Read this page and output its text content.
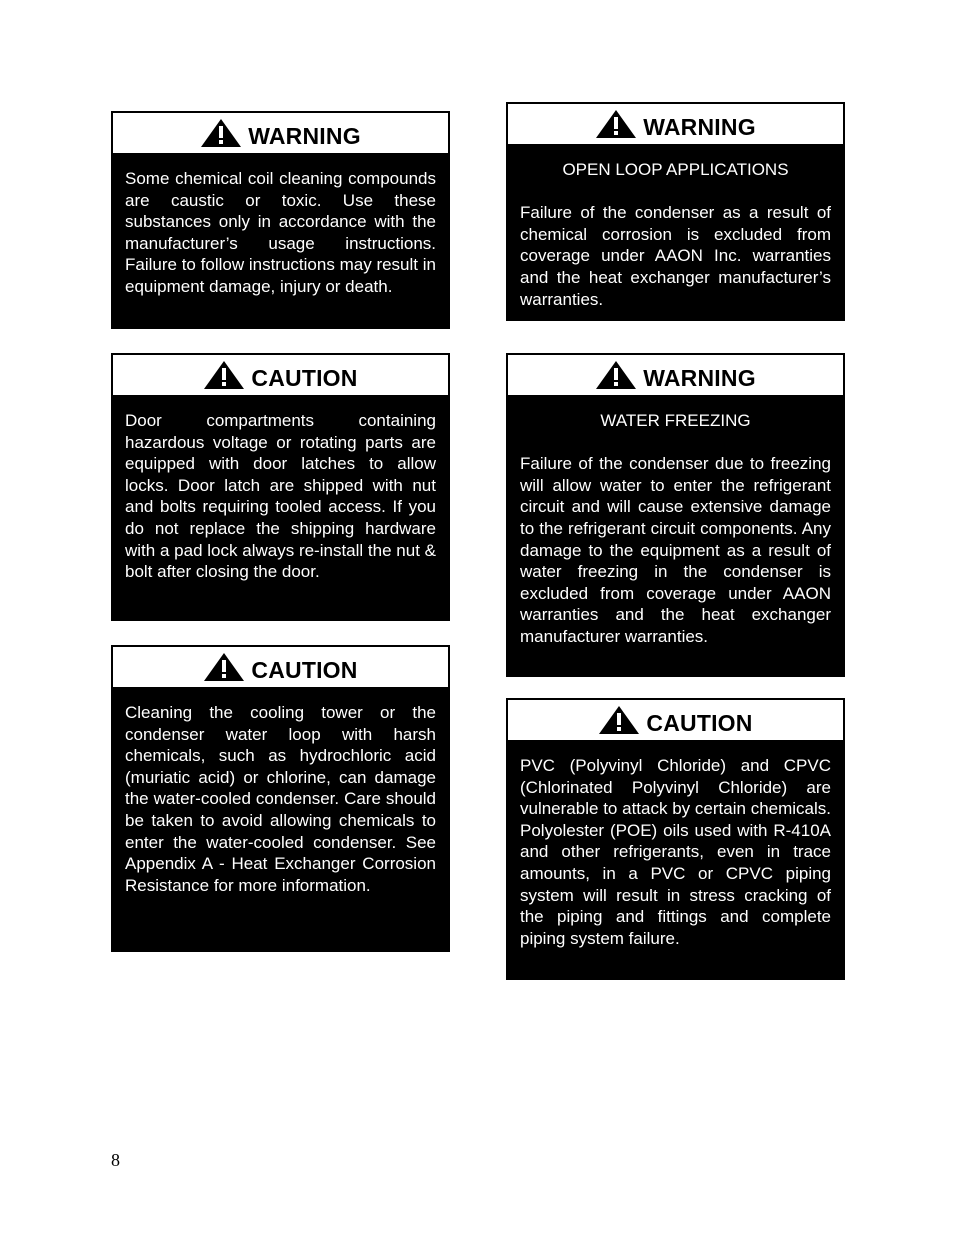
WARNING

Some chemical coil cleaning compounds are caustic or toxic. Use these substances only in accordance with the manufacturer’s usage instructions. Failure to follow instructions may result in equipment damage, injury or death.

CAUTION

Door compartments containing hazardous voltage or rotating parts are equipped with door latches to allow locks. Door latch are shipped with nut and bolts requiring tooled access. If you do not replace the shipping hardware with a pad lock always re-install the nut & bolt after closing the door.

CAUTION

Cleaning the cooling tower or the condenser water loop with harsh chemicals, such as hydrochloric acid (muriatic acid) or chlorine, can damage the water-cooled condenser. Care should be taken to avoid allowing chemicals to enter the water-cooled condenser. See Appendix A - Heat Exchanger Corrosion Resistance for more information.

WARNING

OPEN LOOP APPLICATIONS

Failure of the condenser as a result of chemical corrosion is excluded from coverage under AAON Inc. warranties and the heat exchanger manufacturer’s warranties.

WARNING

WATER FREEZING

Failure of the condenser due to freezing will allow water to enter the refrigerant circuit and will cause extensive damage to the refrigerant circuit components. Any damage to the equipment as a result of water freezing in the condenser is excluded from coverage under AAON warranties and the heat exchanger manufacturer warranties.

CAUTION

PVC (Polyvinyl Chloride) and CPVC (Chlorinated Polyvinyl Chloride) are vulnerable to attack by certain chemicals. Polyolester (POE) oils used with R-410A and other refrigerants, even in trace amounts, in a PVC or CPVC piping system will result in stress cracking of the piping and fittings and complete piping system failure.

8
